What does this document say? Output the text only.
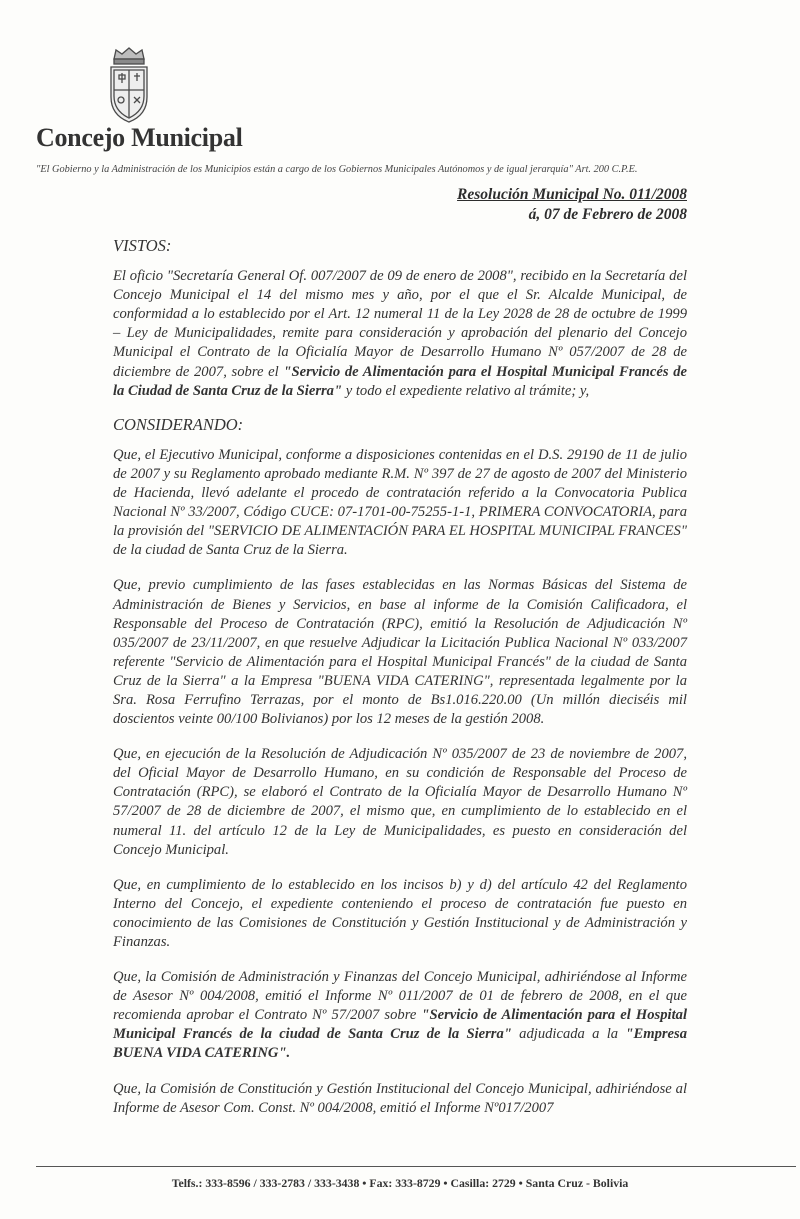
Concejo Municipal
"El Gobierno y la Administración de los Municipios están a cargo de los Gobiernos Municipales Autónomos y de igual jerarquía" Art. 200 C.P.E.
Resolución Municipal No. 011/2008
á, 07 de Febrero de 2008
VISTOS:

El oficio "Secretaría General Of. 007/2007 de 09 de enero de 2008", recibido en la Secretaría del Concejo Municipal el 14 del mismo mes y año, por el que el Sr. Alcalde Municipal, de conformidad a lo establecido por el Art. 12 numeral 11 de la Ley 2028 de 28 de octubre de 1999 – Ley de Municipalidades, remite para consideración y aprobación del plenario del Concejo Municipal el Contrato de la Oficialía Mayor de Desarrollo Humano Nº 057/2007 de 28 de diciembre de 2007, sobre el "Servicio de Alimentación para el Hospital Municipal Francés de la Ciudad de Santa Cruz de la Sierra" y todo el expediente relativo al trámite; y,

CONSIDERANDO:

Que, el Ejecutivo Municipal, conforme a disposiciones contenidas en el D.S. 29190 de 11 de julio de 2007 y su Reglamento aprobado mediante R.M. Nº 397 de 27 de agosto de 2007 del Ministerio de Hacienda, llevó adelante el procedo de contratación referido a la Convocatoria Publica Nacional Nº 33/2007, Código CUCE: 07-1701-00-75255-1-1, PRIMERA CONVOCATORIA, para la provisión del "SERVICIO DE ALIMENTACIÓN PARA EL HOSPITAL MUNICIPAL FRANCES" de la ciudad de Santa Cruz de la Sierra.

Que, previo cumplimiento de las fases establecidas en las Normas Básicas del Sistema de Administración de Bienes y Servicios, en base al informe de la Comisión Calificadora, el Responsable del Proceso de Contratación (RPC), emitió la Resolución de Adjudicación Nº 035/2007 de 23/11/2007, en que resuelve Adjudicar la Licitación Publica Nacional Nº 033/2007 referente "Servicio de Alimentación para el Hospital Municipal Francés" de la ciudad de Santa Cruz de la Sierra" a la Empresa "BUENA VIDA CATERING", representada legalmente por la Sra. Rosa Ferrufino Terrazas, por el monto de Bs1.016.220.00 (Un millón dieciséis mil doscientos veinte 00/100 Bolivianos) por los 12 meses de la gestión 2008.

Que, en ejecución de la Resolución de Adjudicación Nº 035/2007 de 23 de noviembre de 2007, del Oficial Mayor de Desarrollo Humano, en su condición de Responsable del Proceso de Contratación (RPC), se elaboró el Contrato de la Oficialía Mayor de Desarrollo Humano Nº 57/2007 de 28 de diciembre de 2007, el mismo que, en cumplimiento de lo establecido en el numeral 11. del artículo 12 de la Ley de Municipalidades, es puesto en consideración del Concejo Municipal.

Que, en cumplimiento de lo establecido en los incisos b) y d) del artículo 42 del Reglamento Interno del Concejo, el expediente conteniendo el proceso de contratación fue puesto en conocimiento de las Comisiones de Constitución y Gestión Institucional y de Administración y Finanzas.

Que, la Comisión de Administración y Finanzas del Concejo Municipal, adhiriéndose al Informe de Asesor Nº 004/2008, emitió el Informe Nº 011/2007 de 01 de febrero de 2008, en el que recomienda aprobar el Contrato Nº 57/2007 sobre "Servicio de Alimentación para el Hospital Municipal Francés de la ciudad de Santa Cruz de la Sierra" adjudicada a la "Empresa BUENA VIDA CATERING".

Que, la Comisión de Constitución y Gestión Institucional del Concejo Municipal, adhiriéndose al Informe de Asesor Com. Const. Nº 004/2008, emitió el Informe Nº017/2007

Telfs.: 333-8596 / 333-2783 / 333-3438 • Fax: 333-8729 • Casilla: 2729 • Santa Cruz - Bolivia
